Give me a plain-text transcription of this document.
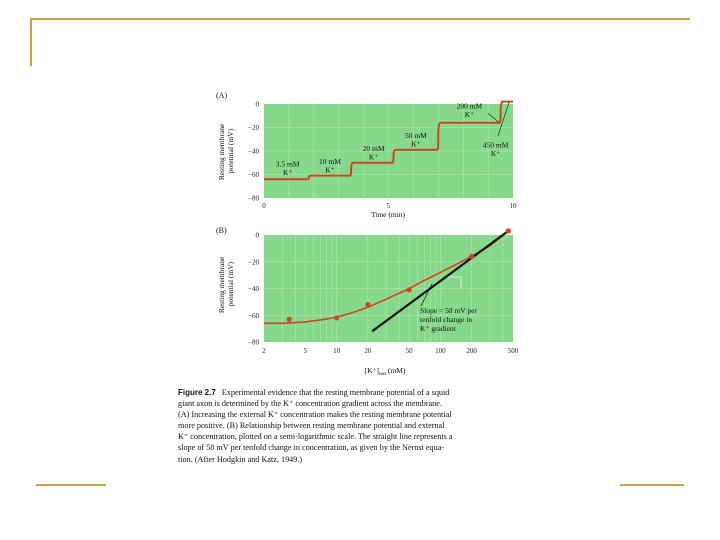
(A)
0
−20
−40
−60
−80
0	5	10
3.5 mM
K⁺
10 mM
K⁺
20 mM
K⁺
50 mM
K⁺
200 mM
K⁺
450 mM
K⁺
Time (min)
Resting membrane potential (mV)
(B)
0
−20
−40
−60
−80
2	5	10	20	50	100	200	500
Slope = 58 mV per
tenfold change in
K⁺ gradient
$[K^+]_{out}$ (mM)
Resting membrane potential (mV)
Figure 2.7 Experimental evidence that the resting membrane potential of a squid
giant axon is determined by the K⁺ concentration gradient across the membrane.
(A) Increasing the external K⁺ concentration makes the resting membrane potential
more positive. (B) Relationship between resting membrane potential and external
K⁺ concentration, plotted on a semi-logarithmic scale. The straight line represents a
slope of 58 mV per tenfold change in concentration, as given by the Nernst equa-
tion. (After Hodgkin and Katz, 1949.)
